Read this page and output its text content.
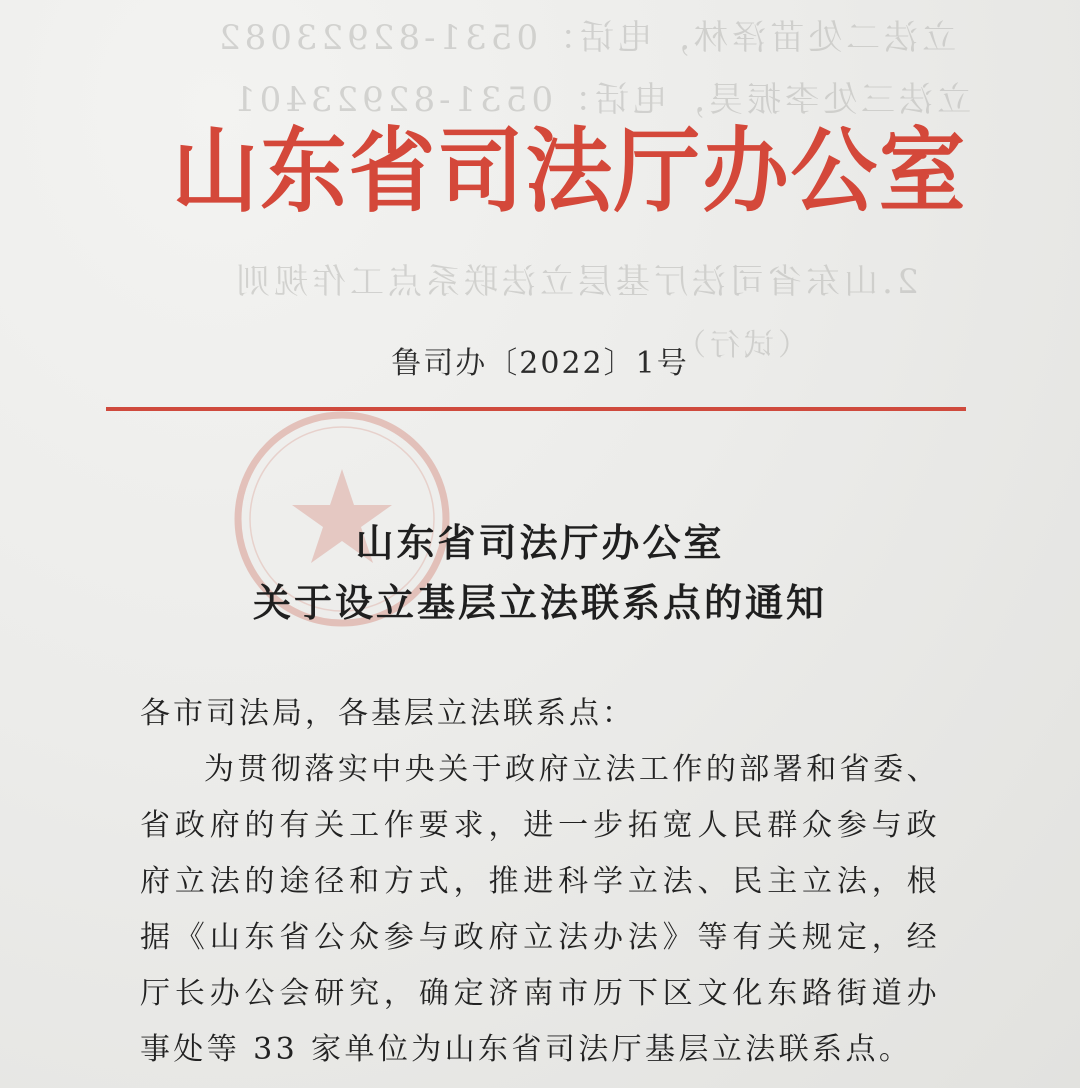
立法二处苗泽林，电话：0531-82923082
立法三处李振昊，电话：0531-82923401
2.山东省司法厅基层立法联系点工作规则
（试行）
山东省司法厅办公室
鲁司办〔2022〕1号
山东省司法厅办公室
关于设立基层立法联系点的通知
各市司法局，各基层立法联系点：

为贯彻落实中央关于政府立法工作的部署和省委、省政府的有关工作要求，进一步拓宽人民群众参与政府立法的途径和方式，推进科学立法、民主立法，根据《山东省公众参与政府立法办法》等有关规定，经厅长办公会研究，确定济南市历下区文化东路街道办事处等 33 家单位为山东省司法厅基层立法联系点。
